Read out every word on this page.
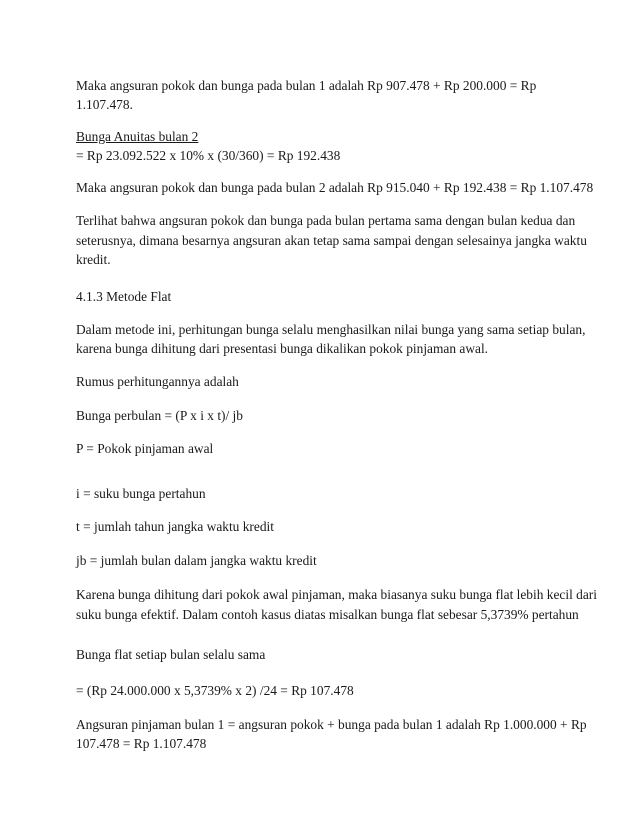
Maka angsuran pokok dan bunga pada bulan 1 adalah Rp 907.478 + Rp 200.000 = Rp
1.107.478.
Bunga Anuitas bulan 2
= Rp 23.092.522 x 10% x (30/360) = Rp 192.438
Maka angsuran pokok dan bunga pada bulan 2 adalah Rp 915.040 + Rp 192.438 = Rp 1.107.478
Terlihat bahwa angsuran pokok dan bunga pada bulan pertama sama dengan bulan kedua dan
seterusnya, dimana besarnya angsuran akan tetap sama sampai dengan selesainya jangka waktu
kredit.
4.1.3 Metode Flat
Dalam metode ini, perhitungan bunga selalu menghasilkan nilai bunga yang sama setiap bulan,
karena bunga dihitung dari presentasi bunga dikalikan pokok pinjaman awal.
Rumus perhitungannya adalah
Bunga perbulan = (P x i x t)/ jb
P = Pokok pinjaman awal
i = suku bunga pertahun
t = jumlah tahun jangka waktu kredit
jb = jumlah bulan dalam jangka waktu kredit
Karena bunga dihitung dari pokok awal pinjaman, maka biasanya suku bunga flat lebih kecil dari
suku bunga efektif. Dalam contoh kasus diatas misalkan bunga flat sebesar 5,3739% pertahun
Bunga flat setiap bulan selalu sama
= (Rp 24.000.000 x 5,3739% x 2) /24 = Rp 107.478
Angsuran pinjaman bulan 1 = angsuran pokok + bunga pada bulan 1 adalah Rp 1.000.000 + Rp
107.478 = Rp 1.107.478
